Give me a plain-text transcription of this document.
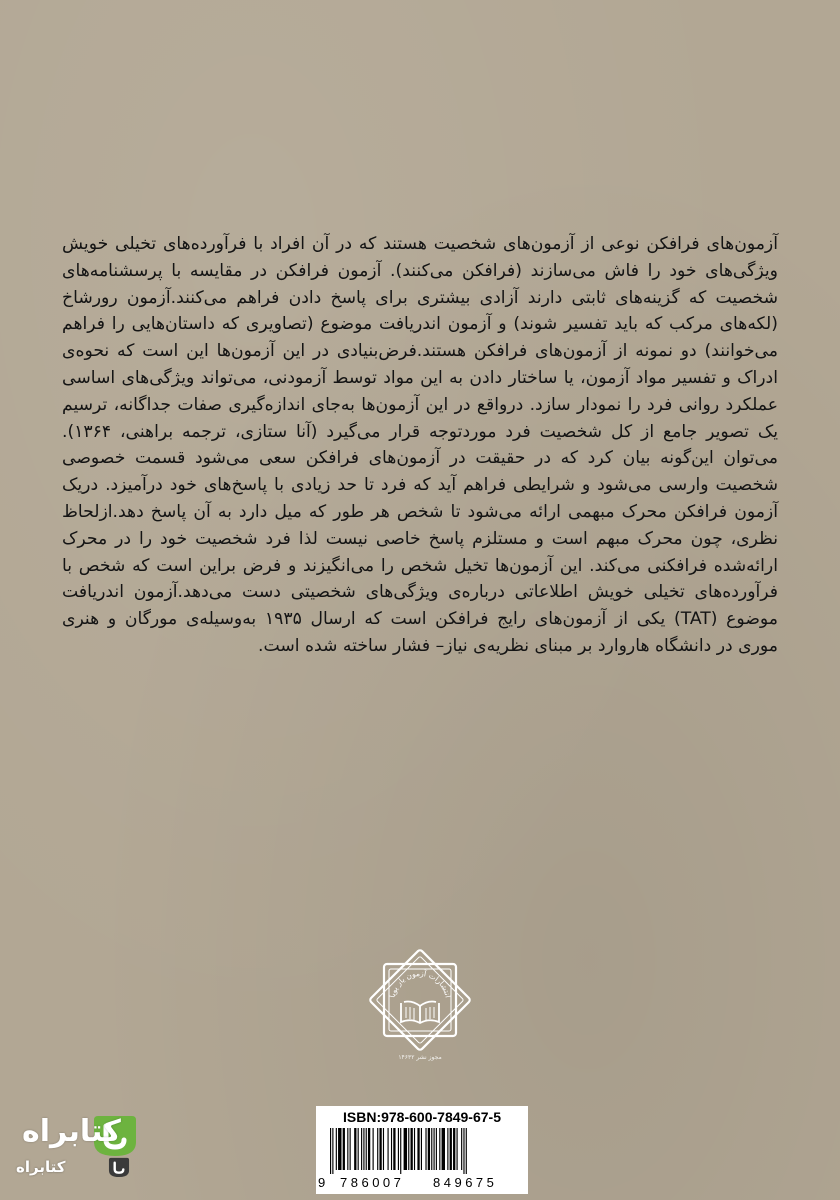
آزمون‌های فرافکن نوعی از آزمون‌های شخصیت هستند که در آن افراد با فرآورده‌های تخیلی خویش ویژگی‌های خود را فاش می‌سازند (فرافکن می‌کنند). آزمون فرافکن در مقایسه با پرسشنامه‌های شخصیت که گزینه‌های ثابتی دارند آزادی بیشتری برای پاسخ دادن فراهم می‌کنند.آزمون رورشاخ (لکه‌های مرکب که باید تفسیر شوند) و آزمون اندریافت موضوع (تصاویری که داستان‌هایی را فراهم می‌خوانند) دو نمونه از آزمون‌های فرافکن هستند.فرض‌بنیادی در این آزمون‌ها این است که نحوه‌ی ادراک و تفسیر مواد آزمون، یا ساختار دادن به این مواد توسط آزمودنی، می‌تواند ویژگی‌های اساسی عملکرد روانی فرد را نمودار سازد. درواقع در این آزمون‌ها به‌جای اندازه‌گیری صفات جداگانه، ترسیم یک تصویر جامع از کل شخصیت فرد موردتوجه قرار می‌گیرد (آنا ستازی، ترجمه براهنی، ۱۳۶۴). می‌توان این‌گونه بیان کرد که در حقیقت در آزمون‌های فرافکن سعی می‌شود قسمت خصوصی شخصیت وارسی می‌شود و شرایطی فراهم آید که فرد تا حد زیادی با پاسخ‌های خود درآمیزد. دریک آزمون فرافکن محرک مبهمی ارائه می‌شود تا شخص هر طور که میل دارد به آن پاسخ دهد.ازلحاظ نظری، چون محرک مبهم است و مستلزم پاسخ خاصی نیست لذا فرد شخصیت خود را در محرک ارائه‌شده فرافکنی می‌کند. این آزمون‌ها تخیل شخص را می‌انگیزند و فرض براین است که شخص با فرآورده‌های تخیلی خویش اطلاعاتی درباره‌ی ویژگی‌های شخصیتی دست می‌دهد.آزمون اندریافت موضوع (TAT) یکی از آزمون‌های رایج فرافکن است که ارسال ۱۹۳۵ به‌وسیله‌ی مورگان و هنری موری در دانشگاه هاروارد بر مبنای نظریه‌ی نیاز– فشار ساخته شده است.

انتشارات آزمون یار پویا
مجوز نشر ۱۴۶۳۲
ISBN:978-600-7849-67-5
9 786007 849675
کتابراه
کتابراه
